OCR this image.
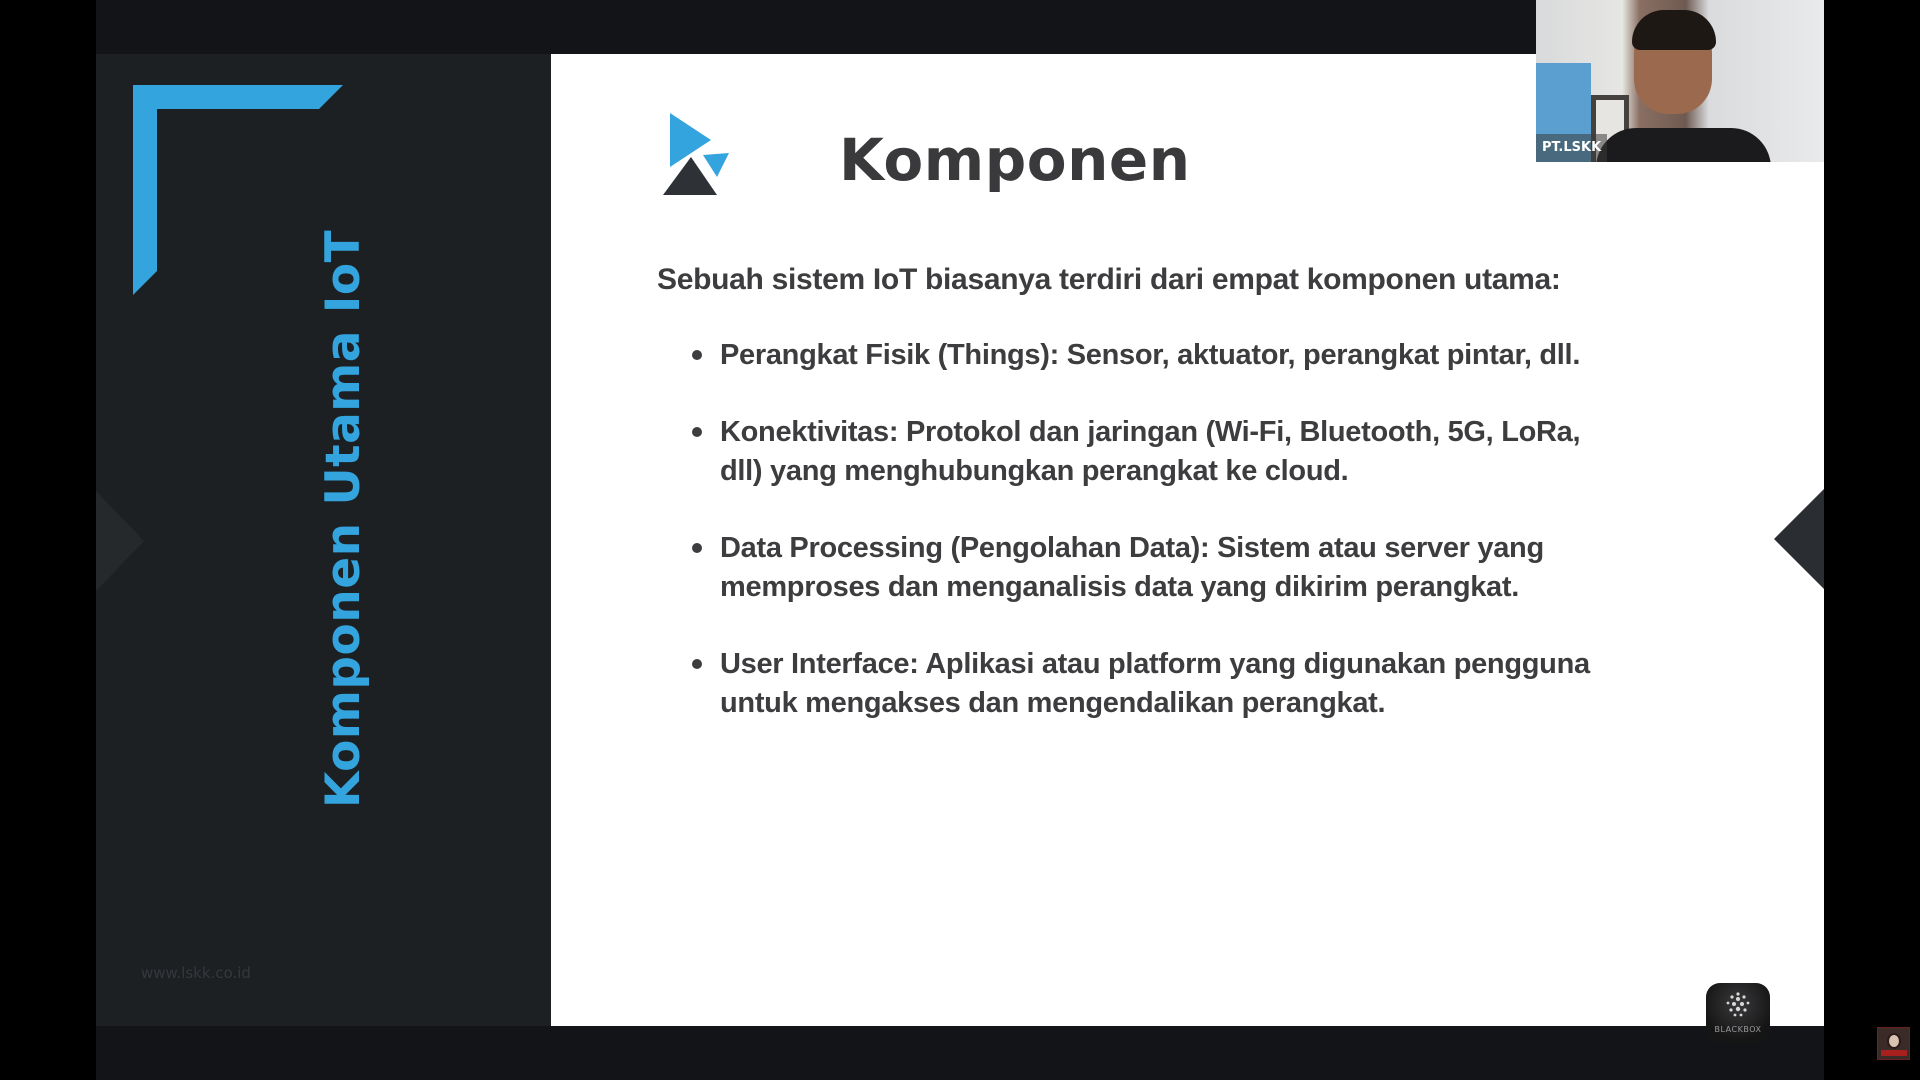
Komponen Utama IoT
www.lskk.co.id
Komponen
Sebuah sistem IoT biasanya terdiri dari empat komponen utama:
Perangkat Fisik (Things): Sensor, aktuator, perangkat pintar, dll.
Konektivitas: Protokol dan jaringan (Wi-Fi, Bluetooth, 5G, LoRa,
dll) yang menghubungkan perangkat ke cloud.
Data Processing (Pengolahan Data): Sistem atau server yang
memproses dan menganalisis data yang dikirim perangkat.
User Interface: Aplikasi atau platform yang digunakan pengguna
untuk mengakses dan mengendalikan perangkat.
PT.LSKK
BLACKBOX
